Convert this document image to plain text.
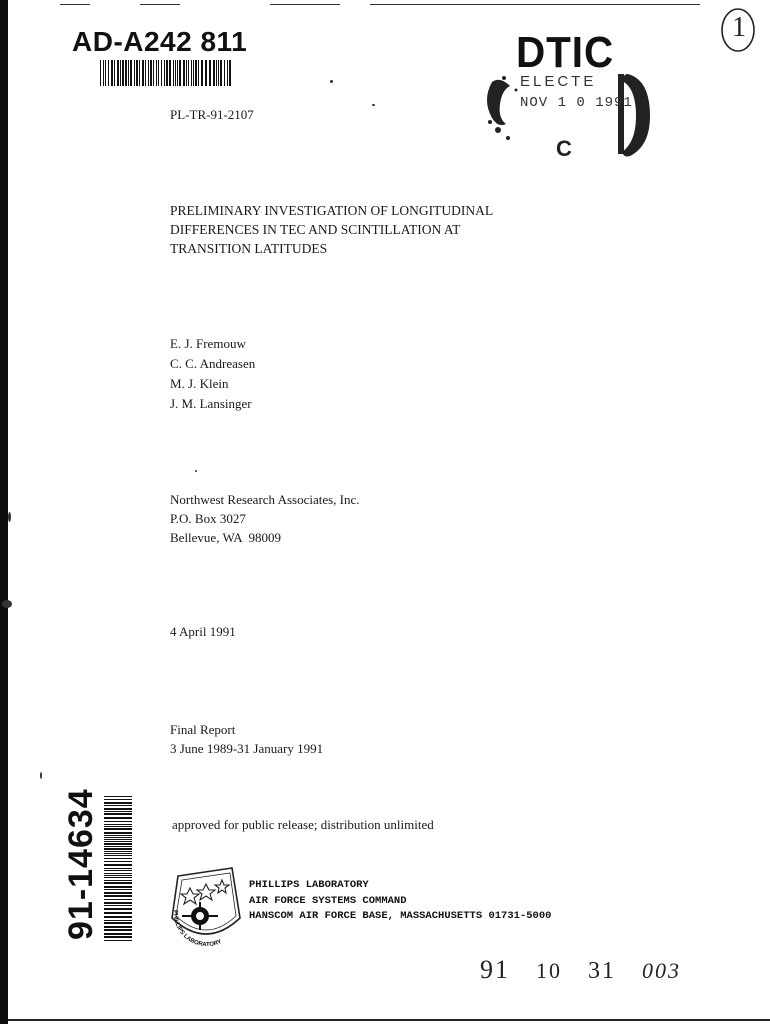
AD-A242 811
PL-TR-91-2107
DTIC
ELECTE
NOV 1 0 1991
C
1
PRELIMINARY INVESTIGATION OF LONGITUDINAL
DIFFERENCES IN TEC AND SCINTILLATION AT
TRANSITION LATITUDES
E. J. Fremouw
C. C. Andreasen
M. J. Klein
J. M. Lansinger
Northwest Research Associates, Inc.
P.O. Box 3027
Bellevue, WA  98009
4 April 1991
Final Report
3 June 1989-31 January 1991
approved for public release; distribution unlimited
91-14634	PHILLIPS LABORATORY
PHILLIPS LABORATORY
AIR FORCE SYSTEMS COMMAND
HANSCOM AIR FORCE BASE, MASSACHUSETTS 01731-5000
91 10 31 003
